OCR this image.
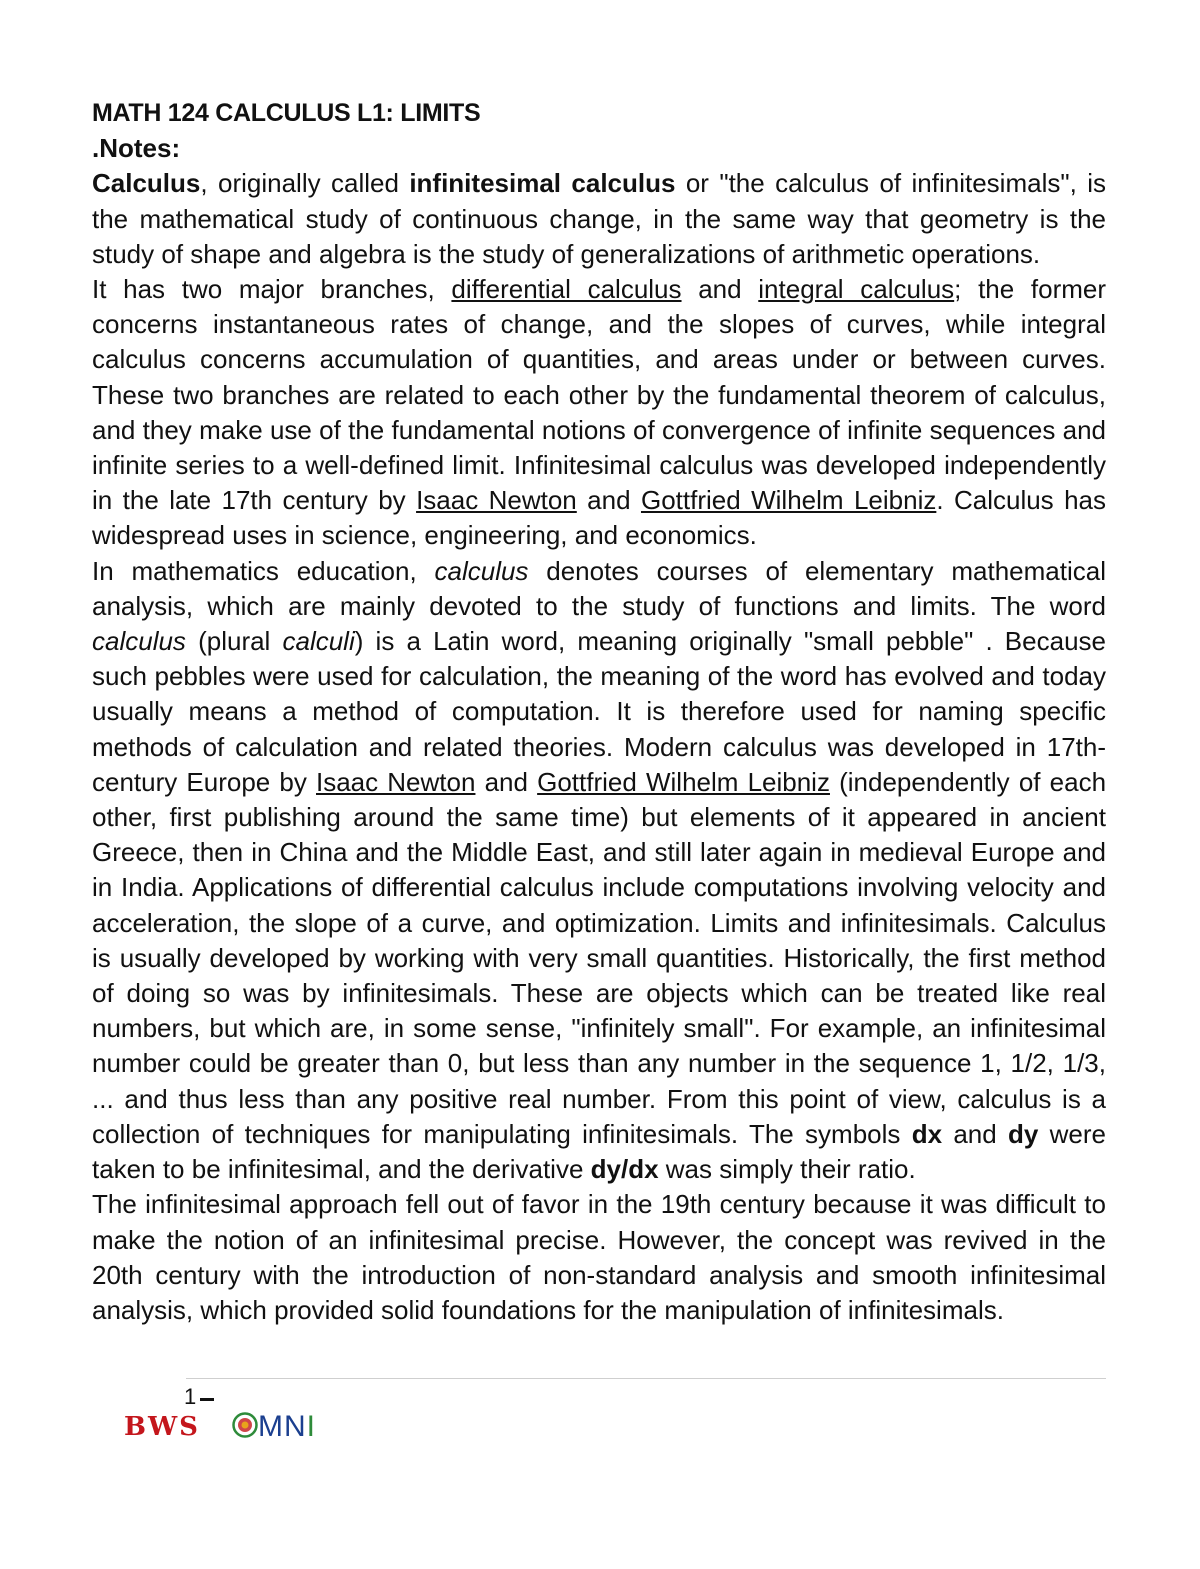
MATH 124 CALCULUS L1: LIMITS

.Notes:

Calculus, originally called infinitesimal calculus or "the calculus of infinitesimals", is the mathematical study of continuous change, in the same way that geometry is the study of shape and algebra is the study of generalizations of arithmetic operations.

It has two major branches, differential calculus and integral calculus; the former concerns instantaneous rates of change, and the slopes of curves, while integral calculus concerns accumulation of quantities, and areas under or between curves. These two branches are related to each other by the fundamental theorem of calculus, and they make use of the fundamental notions of convergence of infinite sequences and infinite series to a well-defined limit. Infinitesimal calculus was developed independently in the late 17th century by Isaac Newton and Gottfried Wilhelm Leibniz. Calculus has widespread uses in science, engineering, and economics.

In mathematics education, calculus denotes courses of elementary mathematical analysis, which are mainly devoted to the study of functions and limits. The word calculus (plural calculi) is a Latin word, meaning originally "small pebble" . Because such pebbles were used for calculation, the meaning of the word has evolved and today usually means a method of computation. It is therefore used for naming specific methods of calculation and related theories. Modern calculus was developed in 17th-century Europe by Isaac Newton and Gottfried Wilhelm Leibniz (independently of each other, first publishing around the same time) but elements of it appeared in ancient Greece, then in China and the Middle East, and still later again in medieval Europe and in India. Applications of differential calculus include computations involving velocity and acceleration, the slope of a curve, and optimization. Limits and infinitesimals. Calculus is usually developed by working with very small quantities. Historically, the first method of doing so was by infinitesimals. These are objects which can be treated like real numbers, but which are, in some sense, "infinitely small". For example, an infinitesimal number could be greater than 0, but less than any number in the sequence 1, 1/2, 1/3, ... and thus less than any positive real number. From this point of view, calculus is a collection of techniques for manipulating infinitesimals. The symbols dx and dy were taken to be infinitesimal, and the derivative dy/dx was simply their ratio.

The infinitesimal approach fell out of favor in the 19th century because it was difficult to make the notion of an infinitesimal precise. However, the concept was revived in the 20th century with the introduction of non-standard analysis and smooth infinitesimal analysis, which provided solid foundations for the manipulation of infinitesimals.

1
BWS MNI
